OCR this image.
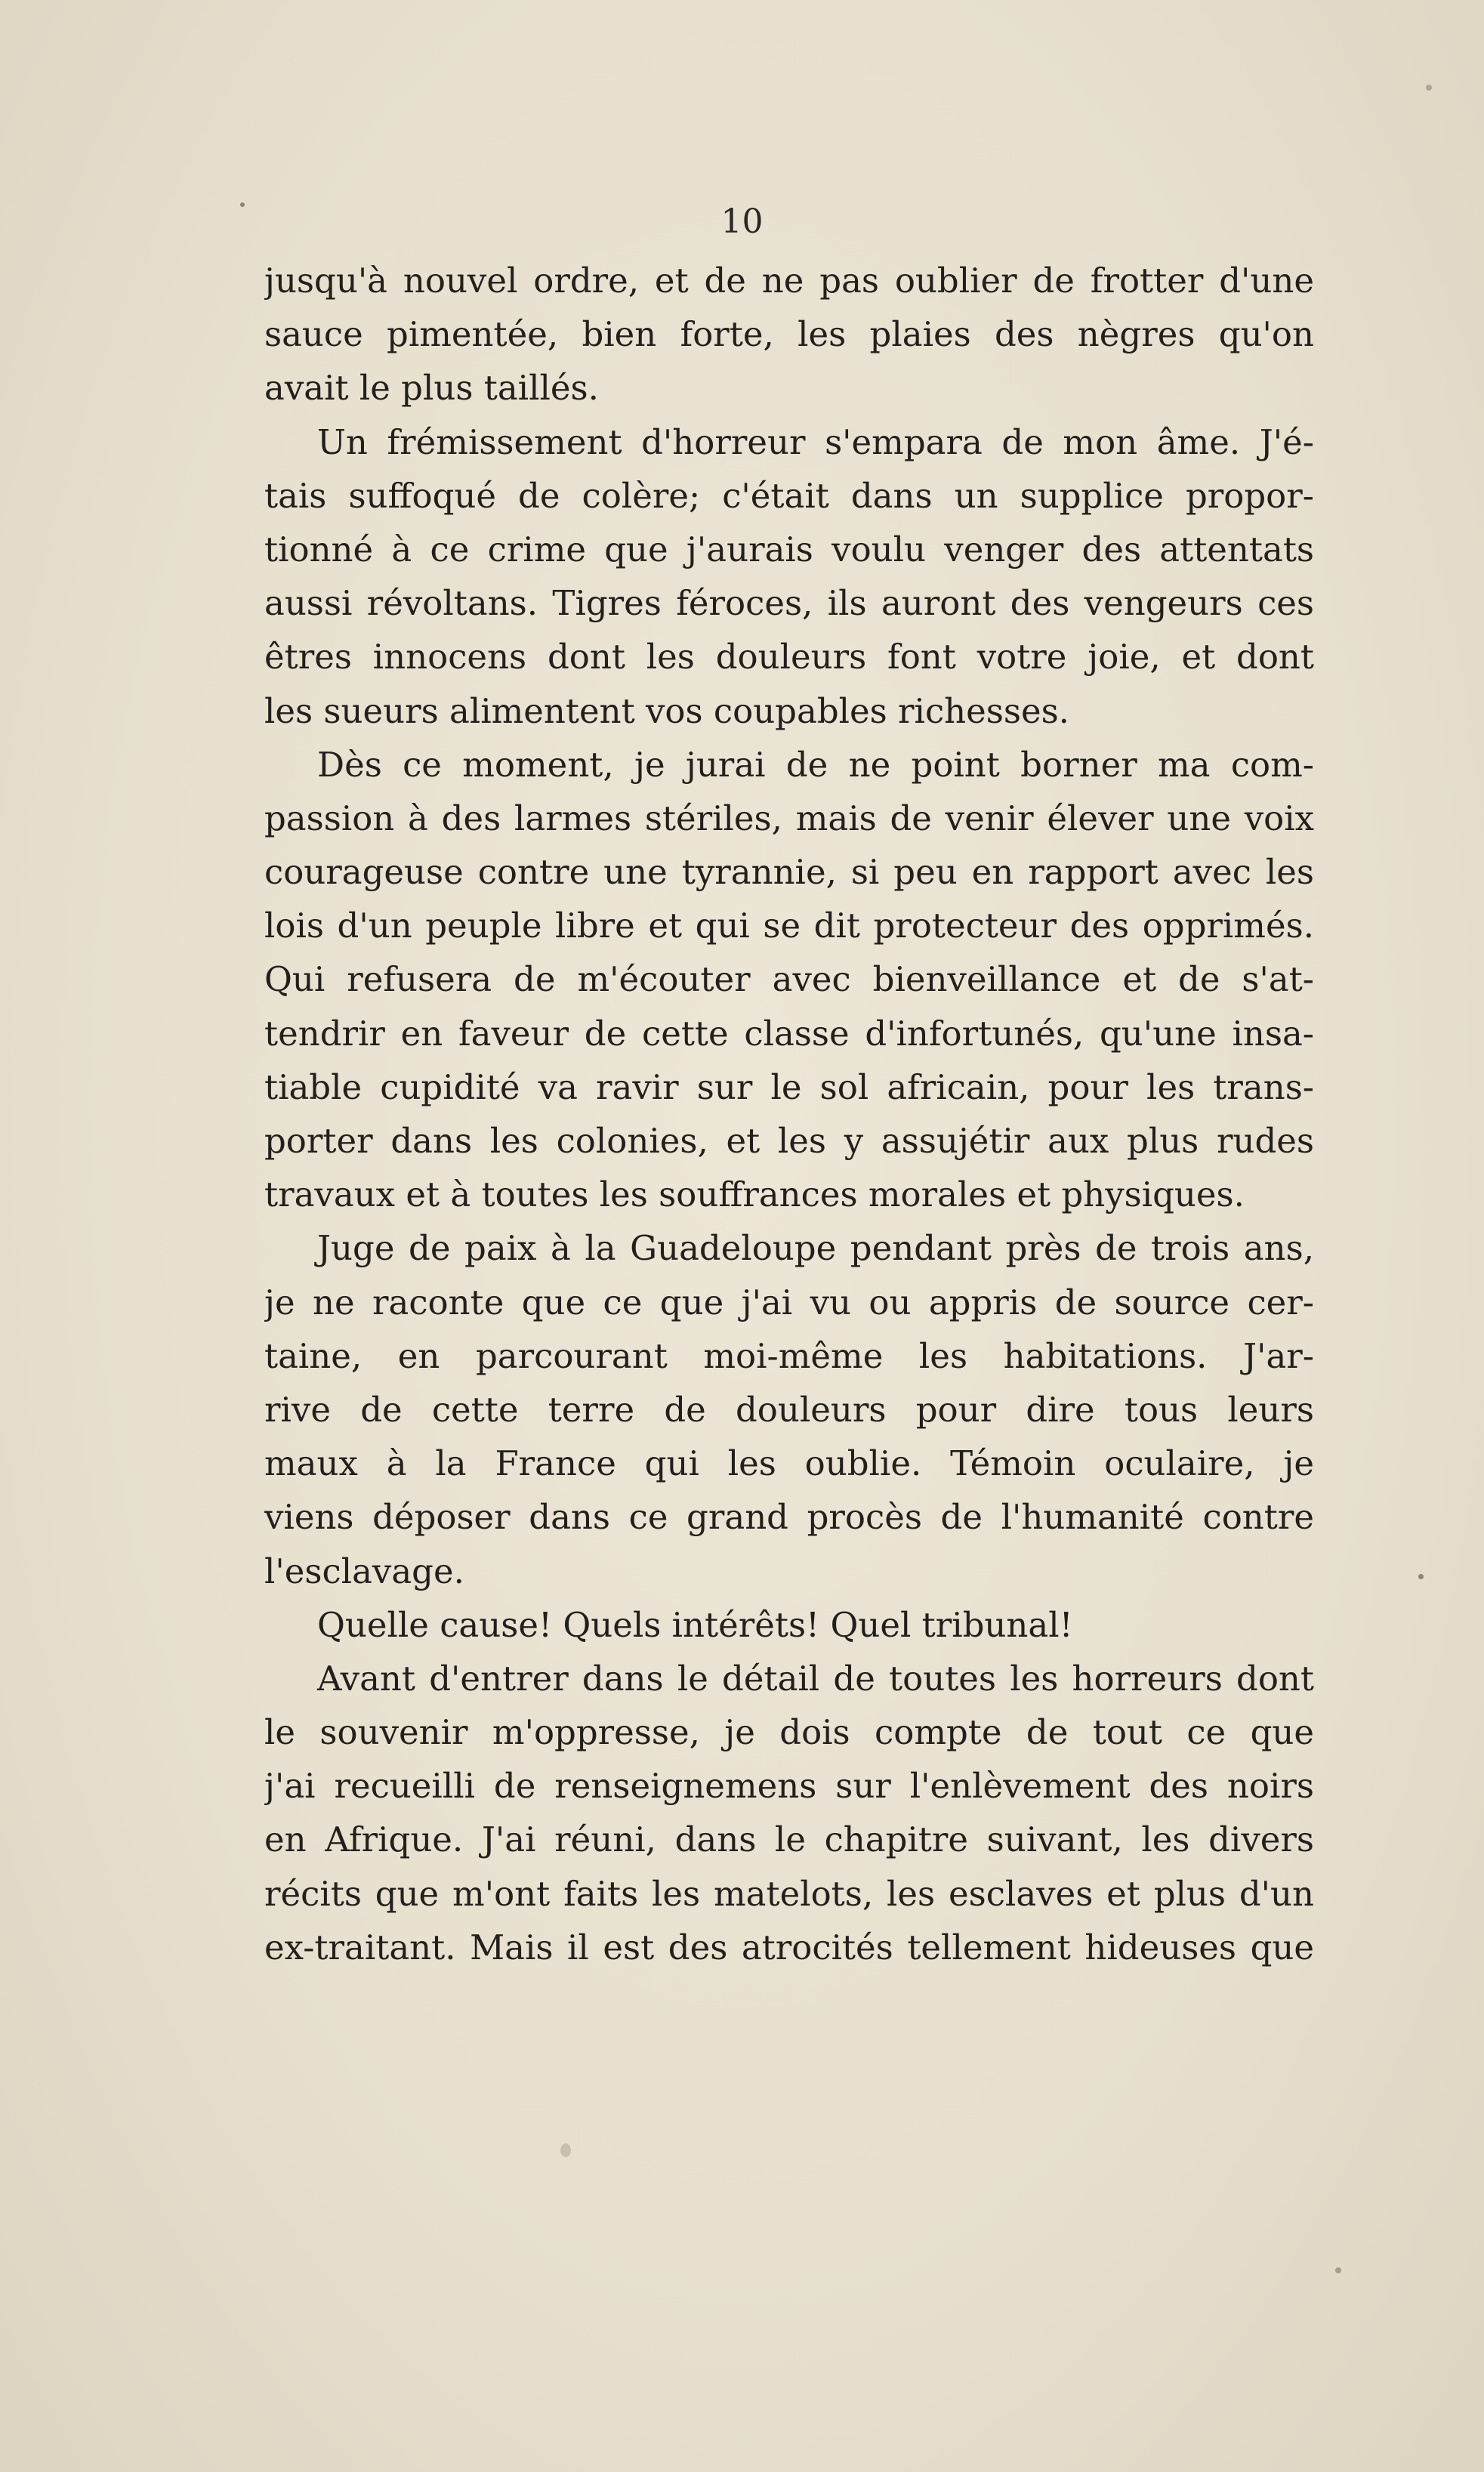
10
jusqu'à nouvel ordre, et de ne pas oublier de frotter d'une
sauce pimentée, bien forte, les plaies des nègres qu'on
avait le plus taillés.
Un frémissement d'horreur s'empara de mon âme. J'é-
tais suffoqué de colère; c'était dans un supplice propor-
tionné à ce crime que j'aurais voulu venger des attentats
aussi révoltans. Tigres féroces, ils auront des vengeurs ces
êtres innocens dont les douleurs font votre joie, et dont
les sueurs alimentent vos coupables richesses.
Dès ce moment, je jurai de ne point borner ma com-
passion à des larmes stériles, mais de venir élever une voix
courageuse contre une tyrannie, si peu en rapport avec les
lois d'un peuple libre et qui se dit protecteur des opprimés.
Qui refusera de m'écouter avec bienveillance et de s'at-
tendrir en faveur de cette classe d'infortunés, qu'une insa-
tiable cupidité va ravir sur le sol africain, pour les trans-
porter dans les colonies, et les y assujétir aux plus rudes
travaux et à toutes les souffrances morales et physiques.
Juge de paix à la Guadeloupe pendant près de trois ans,
je ne raconte que ce que j'ai vu ou appris de source cer-
taine, en parcourant moi-même les habitations. J'ar-
rive de cette terre de douleurs pour dire tous leurs
maux à la France qui les oublie. Témoin oculaire, je
viens déposer dans ce grand procès de l'humanité contre
l'esclavage.
Quelle cause! Quels intérêts! Quel tribunal!
Avant d'entrer dans le détail de toutes les horreurs dont
le souvenir m'oppresse, je dois compte de tout ce que
j'ai recueilli de renseignemens sur l'enlèvement des noirs
en Afrique. J'ai réuni, dans le chapitre suivant, les divers
récits que m'ont faits les matelots, les esclaves et plus d'un
ex-traitant. Mais il est des atrocités tellement hideuses que
